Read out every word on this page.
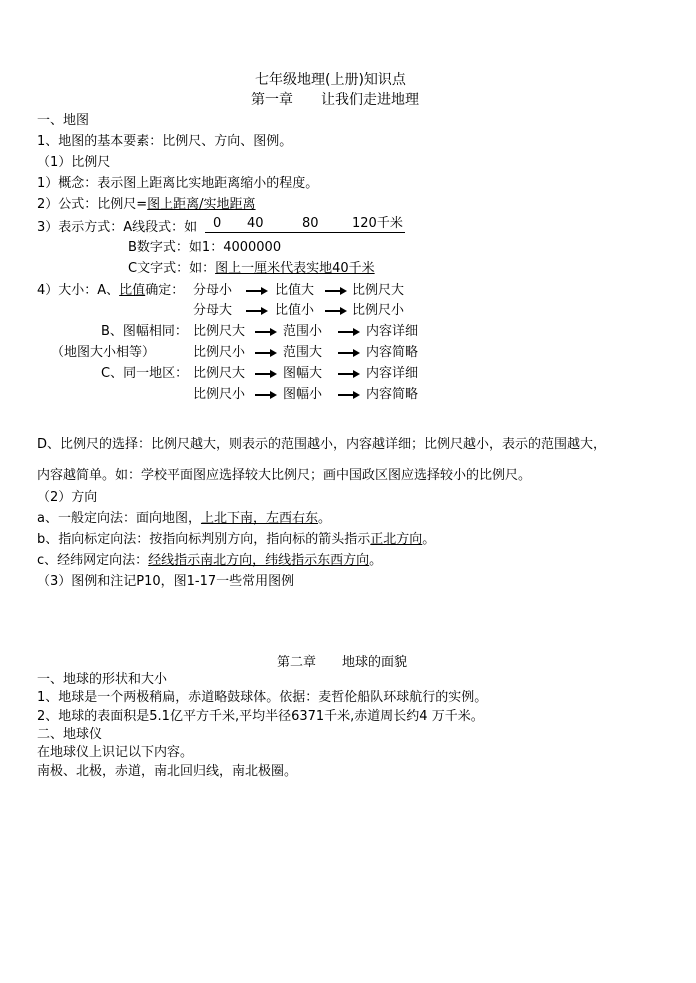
七年级地理(上册)知识点
第一章　　让我们走进地理
一、地图
1、地图的基本要素：比例尺、方向、图例。
（1）比例尺
1）概念：表示图上距离比实地距离缩小的程度。
2）公式：比例尺=图上距离/实地距离
3）表示方式：A线段式：如 0 40	80	120千米
B数字式：如1：4000000
C文字式：如：图上一厘米代表实地40千米
4）大小：A、比值确定： 分母小	比值大	比例尺大
分母大	比值小	比例尺小
B、图幅相同： 比例尺大	范围小	内容详细
（地图大小相等）	比例尺小	范围大	内容简略
C、同一地区： 比例尺大	图幅大	内容详细
比例尺小	图幅小	内容简略
D、比例尺的选择：比例尺越大，则表示的范围越小，内容越详细；比例尺越小，表示的范围越大，
内容越简单。如：学校平面图应选择较大比例尺；画中国政区图应选择较小的比例尺。
（2）方向
a、一般定向法：面向地图，上北下南，左西右东。
b、指向标定向法：按指向标判别方向，指向标的箭头指示正北方向。
c、经纬网定向法：经线指示南北方向，纬线指示东西方向。
（3）图例和注记P10，图1-17一些常用图例
第二章　　地球的面貌
一、地球的形状和大小
1、地球是一个两极稍扁，赤道略鼓球体。依据：麦哲伦船队环球航行的实例。
2、地球的表面积是5.1亿平方千米,平均半径6371千米,赤道周长约4 万千米。
二、地球仪
在地球仪上识记以下内容。
南极、北极，赤道，南北回归线，南北极圈。
